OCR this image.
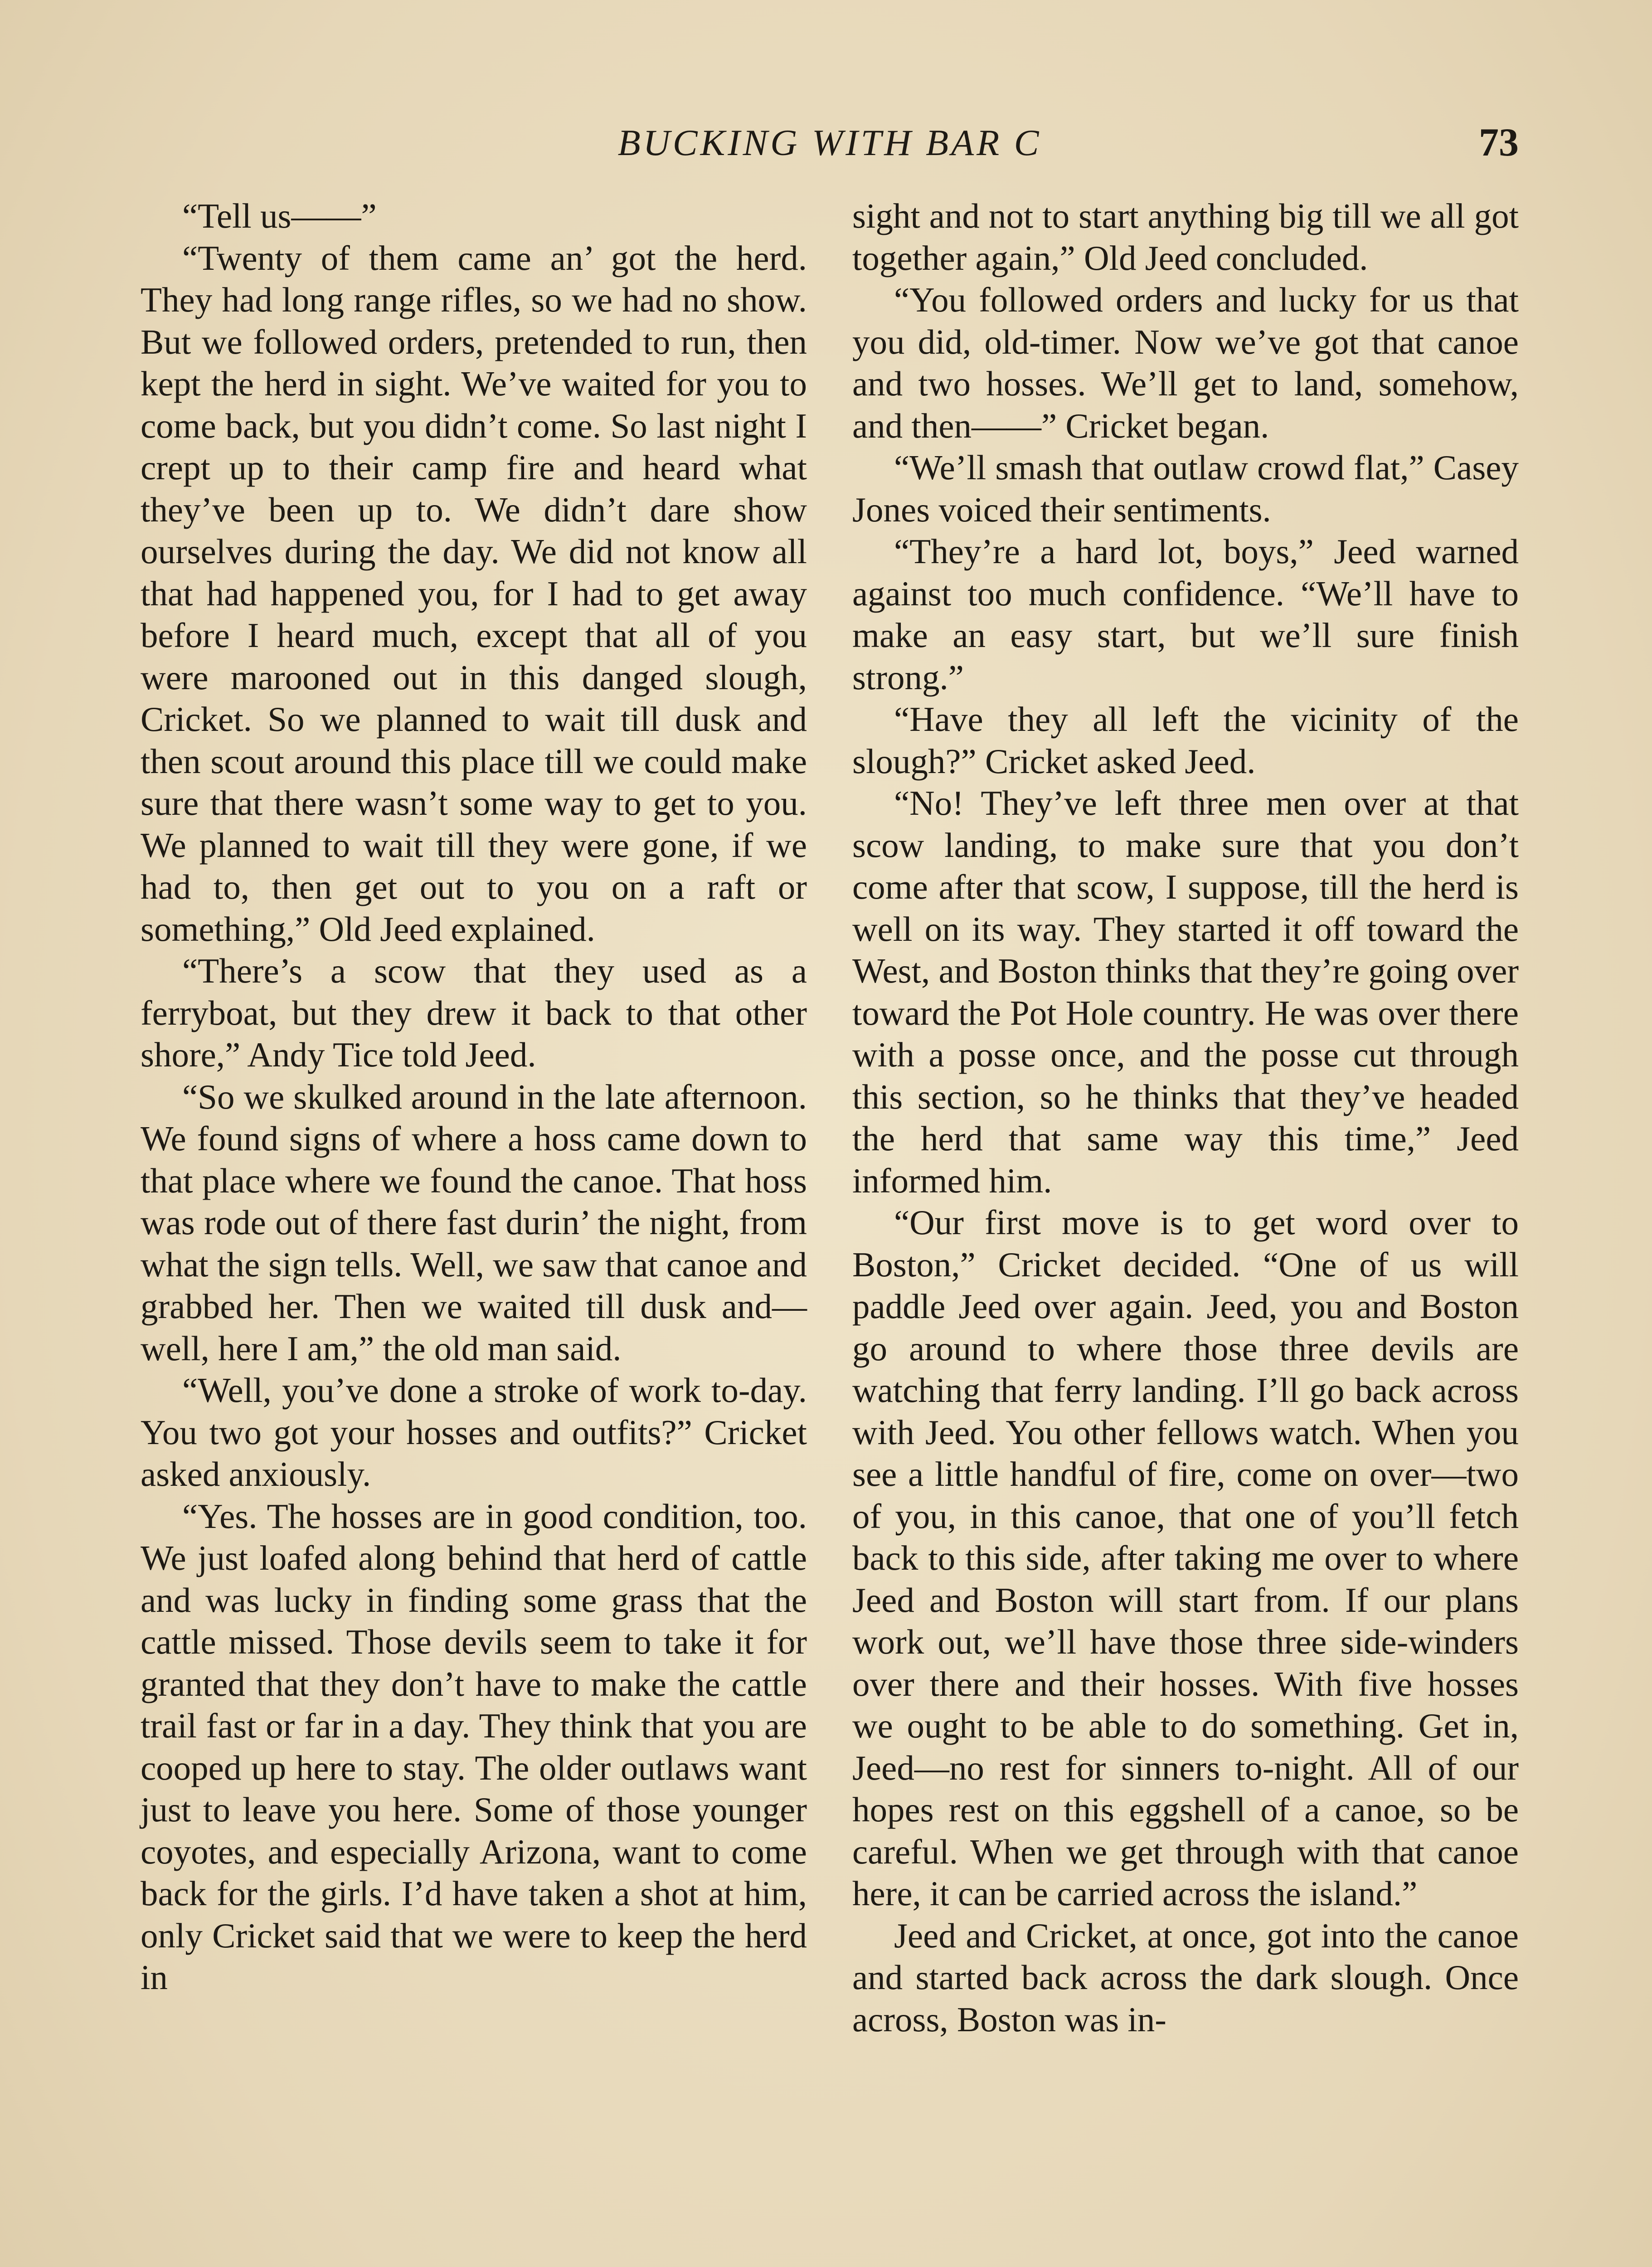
BUCKING WITH BAR C	73

“Tell us——”

“Twenty of them came an’ got the herd. They had long range rifles, so we had no show. But we followed orders, pretended to run, then kept the herd in sight. We’ve waited for you to come back, but you didn’t come. So last night I crept up to their camp fire and heard what they’ve been up to. We didn’t dare show ourselves during the day. We did not know all that had happened you, for I had to get away before I heard much, except that all of you were marooned out in this danged slough, Cricket. So we planned to wait till dusk and then scout around this place till we could make sure that there wasn’t some way to get to you. We planned to wait till they were gone, if we had to, then get out to you on a raft or something,” Old Jeed explained.

“There’s a scow that they used as a ferryboat, but they drew it back to that other shore,” Andy Tice told Jeed.

“So we skulked around in the late afternoon. We found signs of where a hoss came down to that place where we found the canoe. That hoss was rode out of there fast durin’ the night, from what the sign tells. Well, we saw that canoe and grabbed her. Then we waited till dusk and—well, here I am,” the old man said.

“Well, you’ve done a stroke of work to-day. You two got your hosses and outfits?” Cricket asked anxiously.

“Yes. The hosses are in good condition, too. We just loafed along behind that herd of cattle and was lucky in finding some grass that the cattle missed. Those devils seem to take it for granted that they don’t have to make the cattle trail fast or far in a day. They think that you are cooped up here to stay. The older outlaws want just to leave you here. Some of those younger coyotes, and especially Arizona, want to come back for the girls. I’d have taken a shot at him, only Cricket said that we were to keep the herd in

sight and not to start anything big till we all got together again,” Old Jeed concluded.

“You followed orders and lucky for us that you did, old-timer. Now we’ve got that canoe and two hosses. We’ll get to land, somehow, and then——” Cricket began.

“We’ll smash that outlaw crowd flat,” Casey Jones voiced their sentiments.

“They’re a hard lot, boys,” Jeed warned against too much confidence. “We’ll have to make an easy start, but we’ll sure finish strong.”

“Have they all left the vicinity of the slough?” Cricket asked Jeed.

“No! They’ve left three men over at that scow landing, to make sure that you don’t come after that scow, I suppose, till the herd is well on its way. They started it off toward the West, and Boston thinks that they’re going over toward the Pot Hole country. He was over there with a posse once, and the posse cut through this section, so he thinks that they’ve headed the herd that same way this time,” Jeed informed him.

“Our first move is to get word over to Boston,” Cricket decided. “One of us will paddle Jeed over again. Jeed, you and Boston go around to where those three devils are watching that ferry landing. I’ll go back across with Jeed. You other fellows watch. When you see a little handful of fire, come on over—two of you, in this canoe, that one of you’ll fetch back to this side, after taking me over to where Jeed and Boston will start from. If our plans work out, we’ll have those three side-winders over there and their hosses. With five hosses we ought to be able to do something. Get in, Jeed—no rest for sinners to-night. All of our hopes rest on this eggshell of a canoe, so be careful. When we get through with that canoe here, it can be carried across the island.”

Jeed and Cricket, at once, got into the canoe and started back across the dark slough. Once across, Boston was in-
